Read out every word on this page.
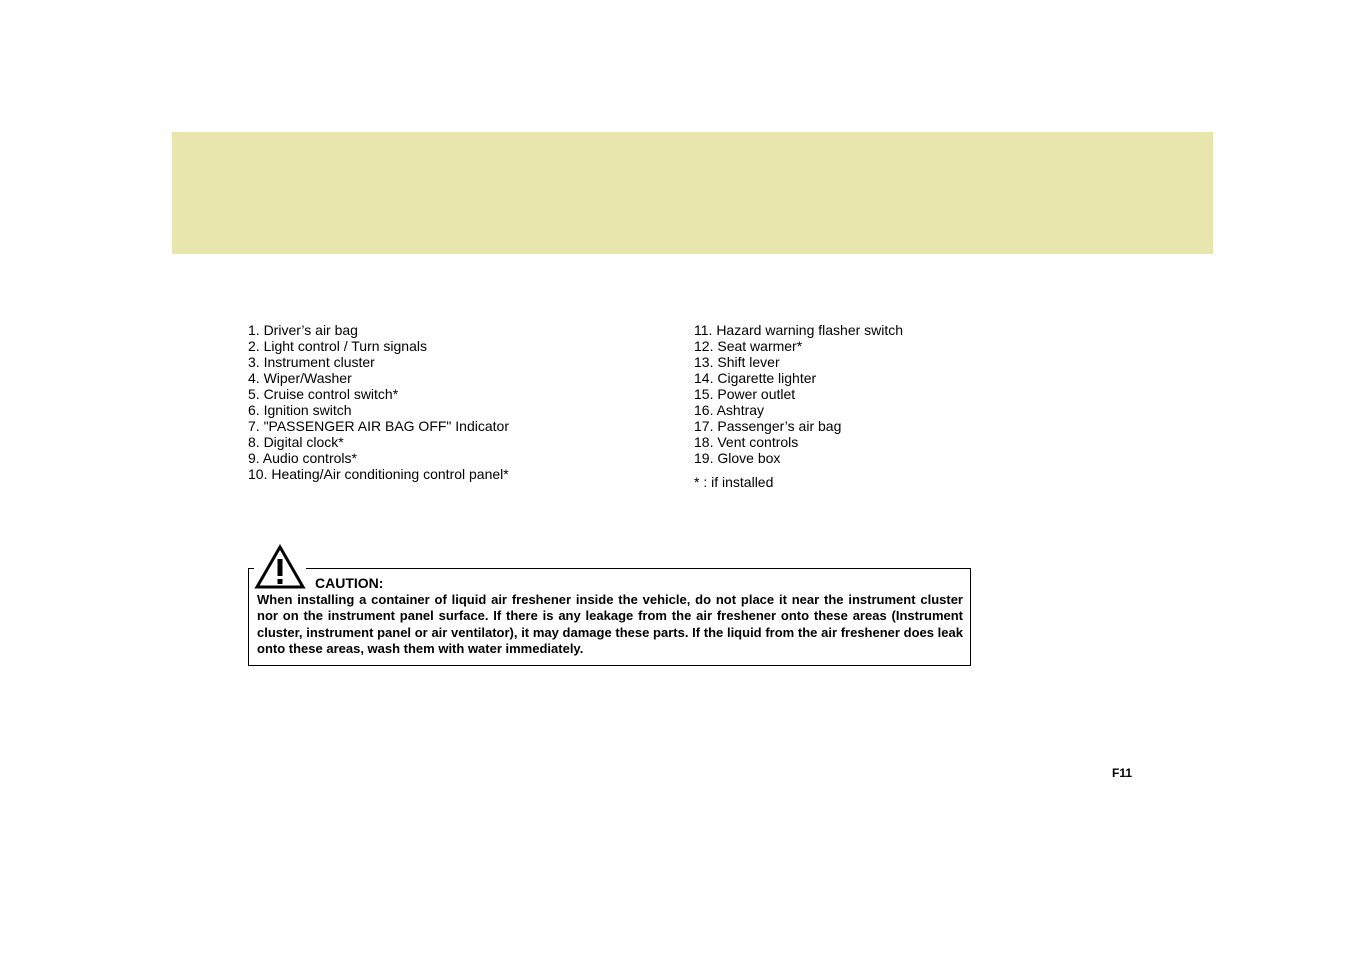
1. Driver’s air bag
2. Light control / Turn signals
3. Instrument cluster
4. Wiper/Washer
5. Cruise control switch*
6. Ignition switch
7. "PASSENGER AIR BAG OFF" Indicator
8. Digital clock*
9. Audio controls*
10. Heating/Air conditioning control panel*
11. Hazard warning flasher switch
12. Seat warmer*
13. Shift lever
14. Cigarette lighter
15. Power outlet
16. Ashtray
17. Passenger’s air bag
18. Vent controls
19. Glove box
* : if installed
CAUTION:

When installing a container of liquid air freshener inside the vehicle, do not place it near the instrument cluster nor on the instrument panel surface. If there is any leakage from the air freshener onto these areas (Instrument cluster, instrument panel or air ventilator), it may damage these parts. If the liquid from the air freshener does leak onto these areas, wash them with water immediately.

F11
